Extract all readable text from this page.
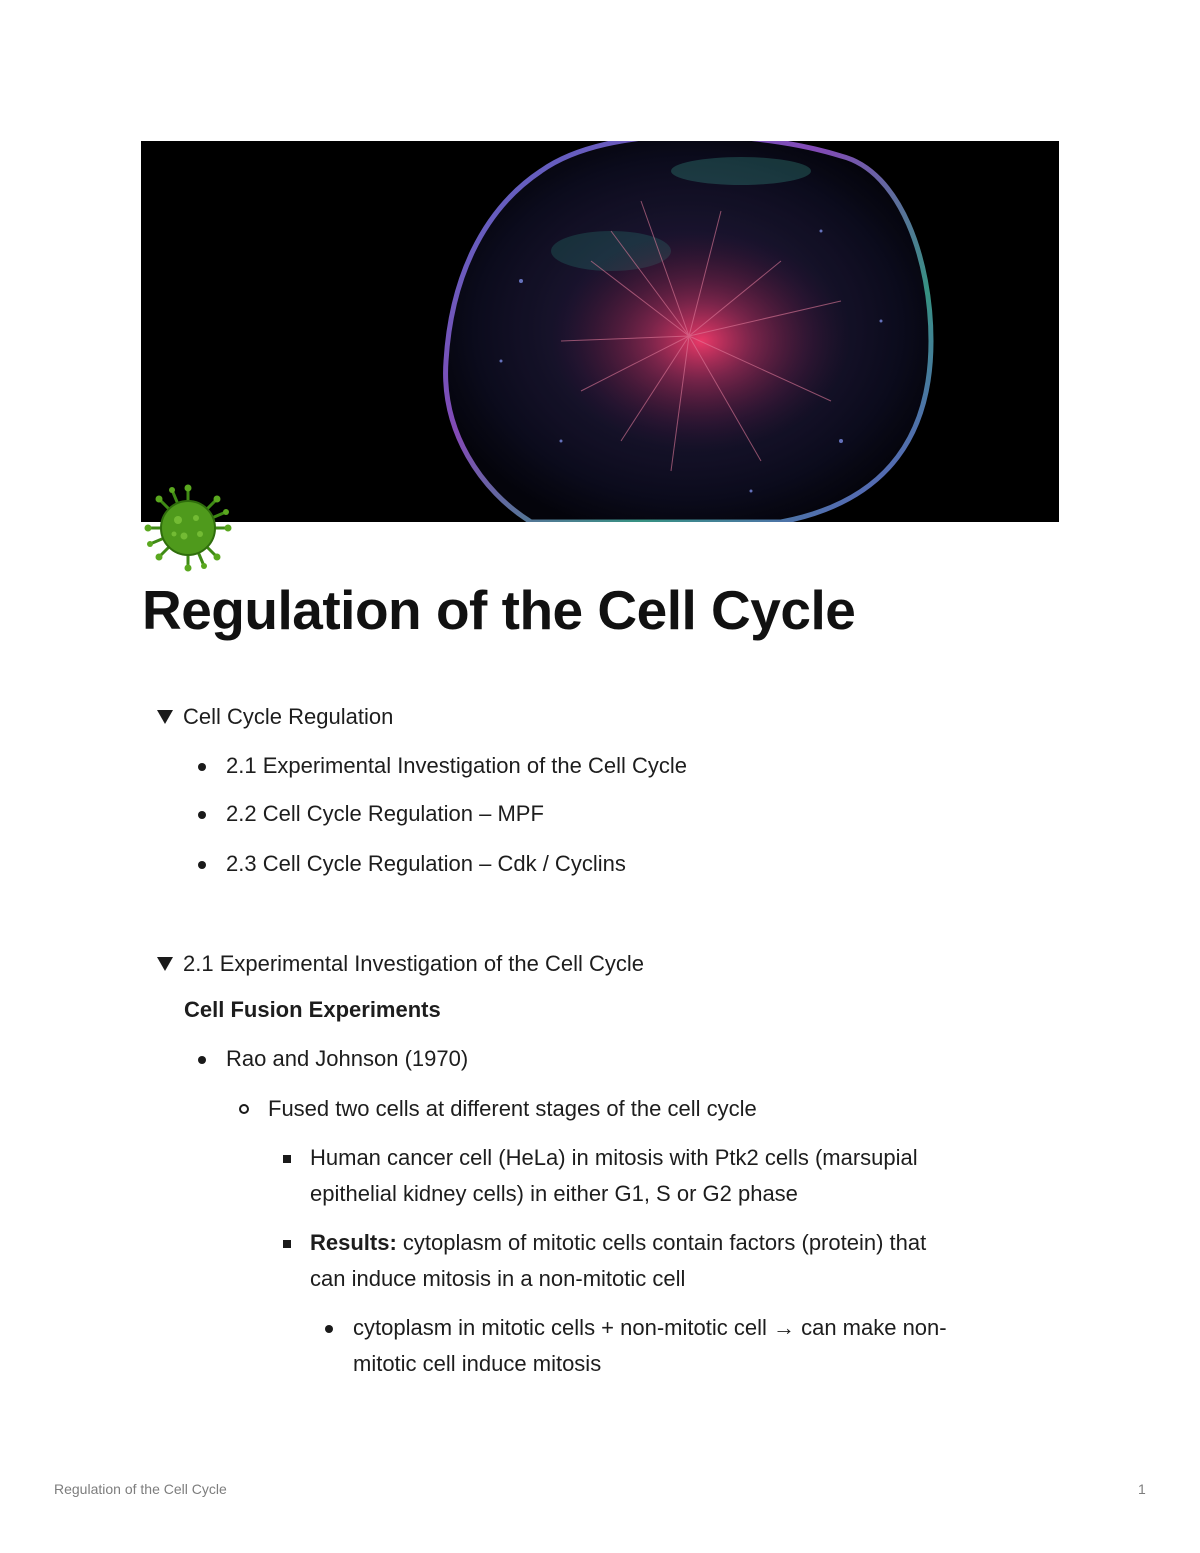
Regulation of the Cell Cycle
Cell Cycle Regulation
2.1 Experimental Investigation of the Cell Cycle
2.2 Cell Cycle Regulation – MPF
2.3 Cell Cycle Regulation – Cdk / Cyclins
2.1 Experimental Investigation of the Cell Cycle
Cell Fusion Experiments
Rao and Johnson (1970)
Fused two cells at different stages of the cell cycle
Human cancer cell (HeLa) in mitosis with Ptk2 cells (marsupial
epithelial kidney cells) in either G1, S or G2 phase
Results: cytoplasm of mitotic cells contain factors (protein) that
can induce mitosis in a non-mitotic cell
cytoplasm in mitotic cells + non-mitotic cell → can make non-
mitotic cell induce mitosis
Regulation of the Cell Cycle	1
